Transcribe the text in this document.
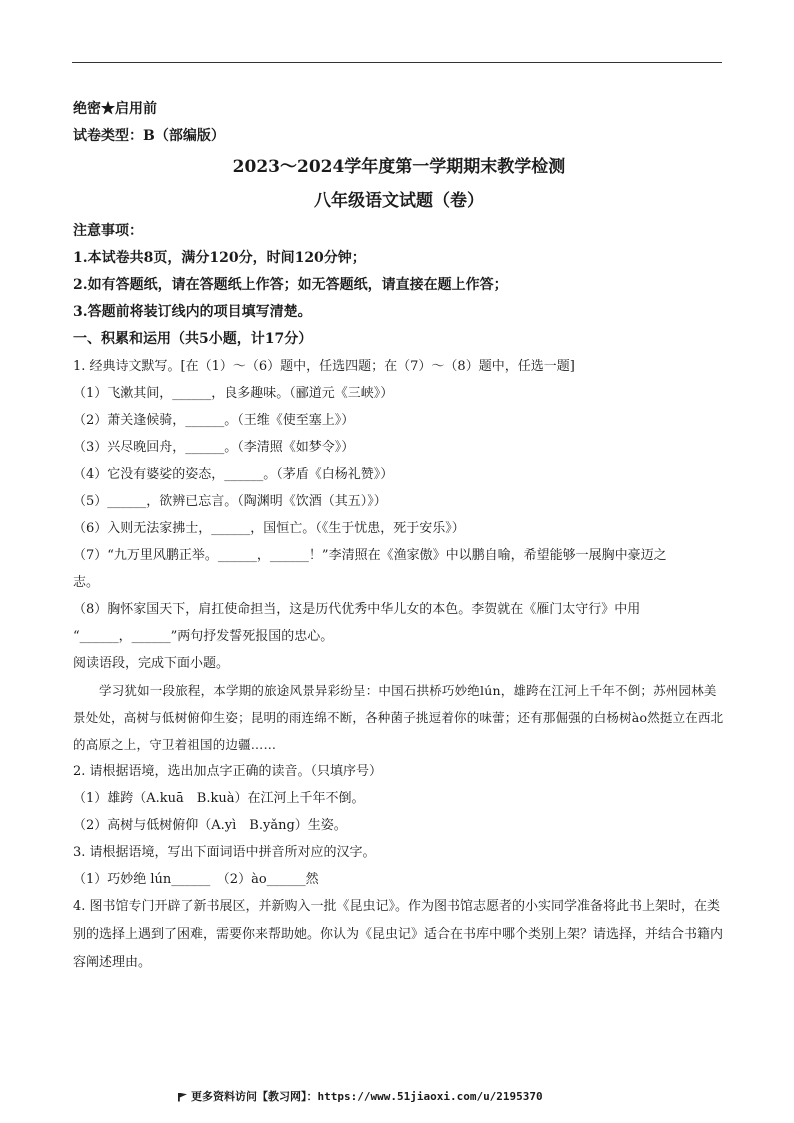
绝密★启用前
试卷类型：B（部编版）
2023～2024学年度第一学期期末教学检测
八年级语文试题（卷）
注意事项：
1.本试卷共8页，满分120分，时间120分钟；
2.如有答题纸，请在答题纸上作答；如无答题纸，请直接在题上作答；
3.答题前将装订线内的项目填写清楚。
一、积累和运用（共5小题，计17分）
1. 经典诗文默写。[在（1）～（6）题中，任选四题；在（7）～（8）题中，任选一题]
（1）飞漱其间，______，良多趣味。（郦道元《三峡》）
（2）萧关逢候骑，______。（王维《使至塞上》）
（3）兴尽晚回舟，______。（李清照《如梦令》）
（4）它没有婆娑的姿态，______。（茅盾《白杨礼赞》）
（5）______，欲辨已忘言。（陶渊明《饮酒（其五）》）
（6）入则无法家拂士，______，国恒亡。（《生于忧患，死于安乐》）
（7）“九万里风鹏正举。______，______！”李清照在《渔家傲》中以鹏自喻，希望能够一展胸中豪迈之
志。
（8）胸怀家国天下，肩扛使命担当，这是历代优秀中华儿女的本色。李贺就在《雁门太守行》中用
“______，______”两句抒发誓死报国的忠心。
阅读语段，完成下面小题。
学习犹如一段旅程，本学期的旅途风景异彩纷呈：中国石拱桥巧妙绝lún，雄跨在江河上千年不倒；苏州园林美景处处，高树与低树俯仰生姿；昆明的雨连绵不断，各种菌子挑逗着你的味蕾；还有那倔强的白杨树ào然挺立在西北的高原之上，守卫着祖国的边疆……
2. 请根据语境，选出加点字正确的读音。（只填序号）
（1）雄跨（A.kuā　B.kuà）在江河上千年不倒。
（2）高树与低树俯仰（A.yì　B.yǎng）生姿。
3. 请根据语境，写出下面词语中拼音所对应的汉字。
（1）巧妙绝 lún______　（2）ào______然
4. 图书馆专门开辟了新书展区，并新购入一批《昆虫记》。作为图书馆志愿者的小实同学准备将此书上架时，在类别的选择上遇到了困难，需要你来帮助她。你认为《昆虫记》适合在书库中哪个类别上架？请选择，并结合书籍内容阐述理由。
更多资料访问【教习网】：https://www.51jiaoxi.com/u/2195370
